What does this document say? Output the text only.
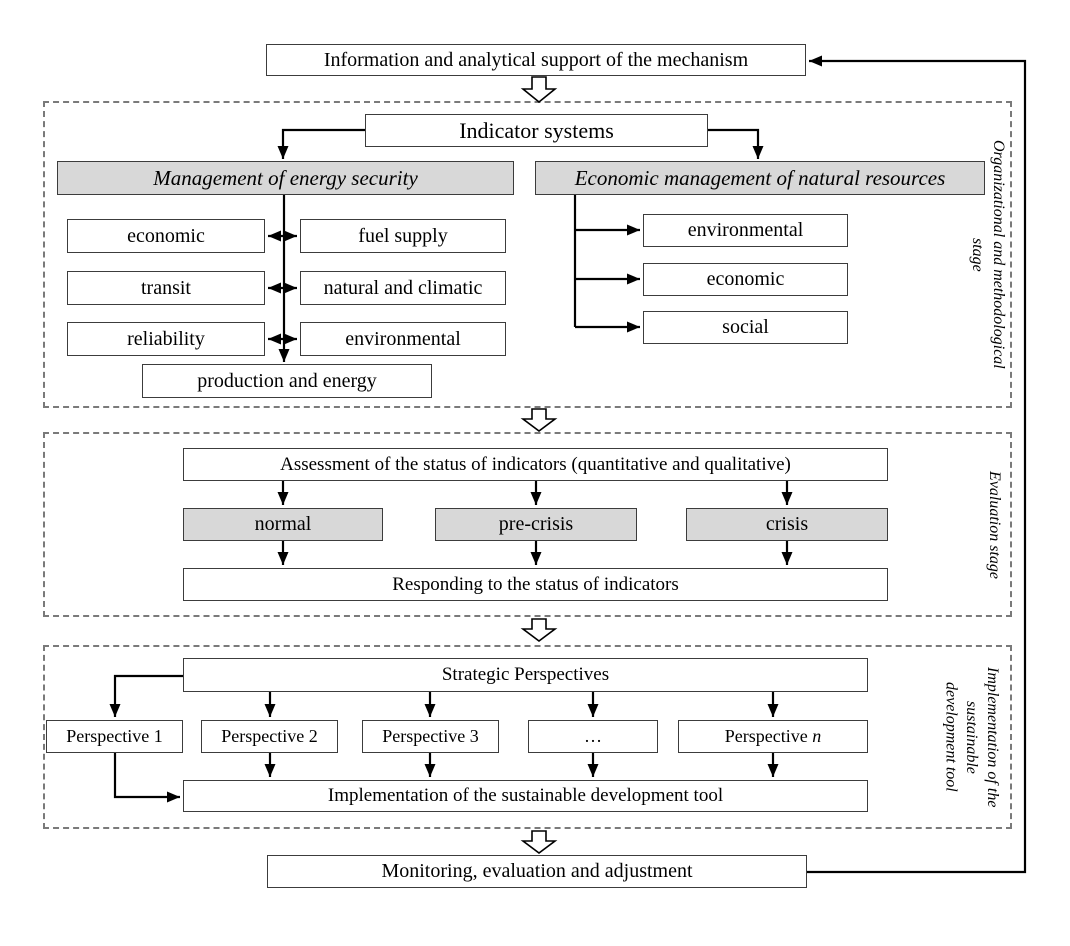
Organizational and methodological
stage
Evaluation stage
Implementation of the
sustainable
development tool
Information and analytical support of the mechanism
Indicator systems
Management of energy security	Economic management of natural resources
economic	fuel supply
transit	natural and climatic
reliability	environmental
production and energy
environmental
economic
social
Assessment of the status of indicators (quantitative and qualitative)
normal	pre-crisis	crisis
Responding to the status of indicators
Strategic Perspectives
Perspective 1	Perspective 2	Perspective 3	…	Perspective n
Implementation of the sustainable development tool
Monitoring, evaluation and adjustment
